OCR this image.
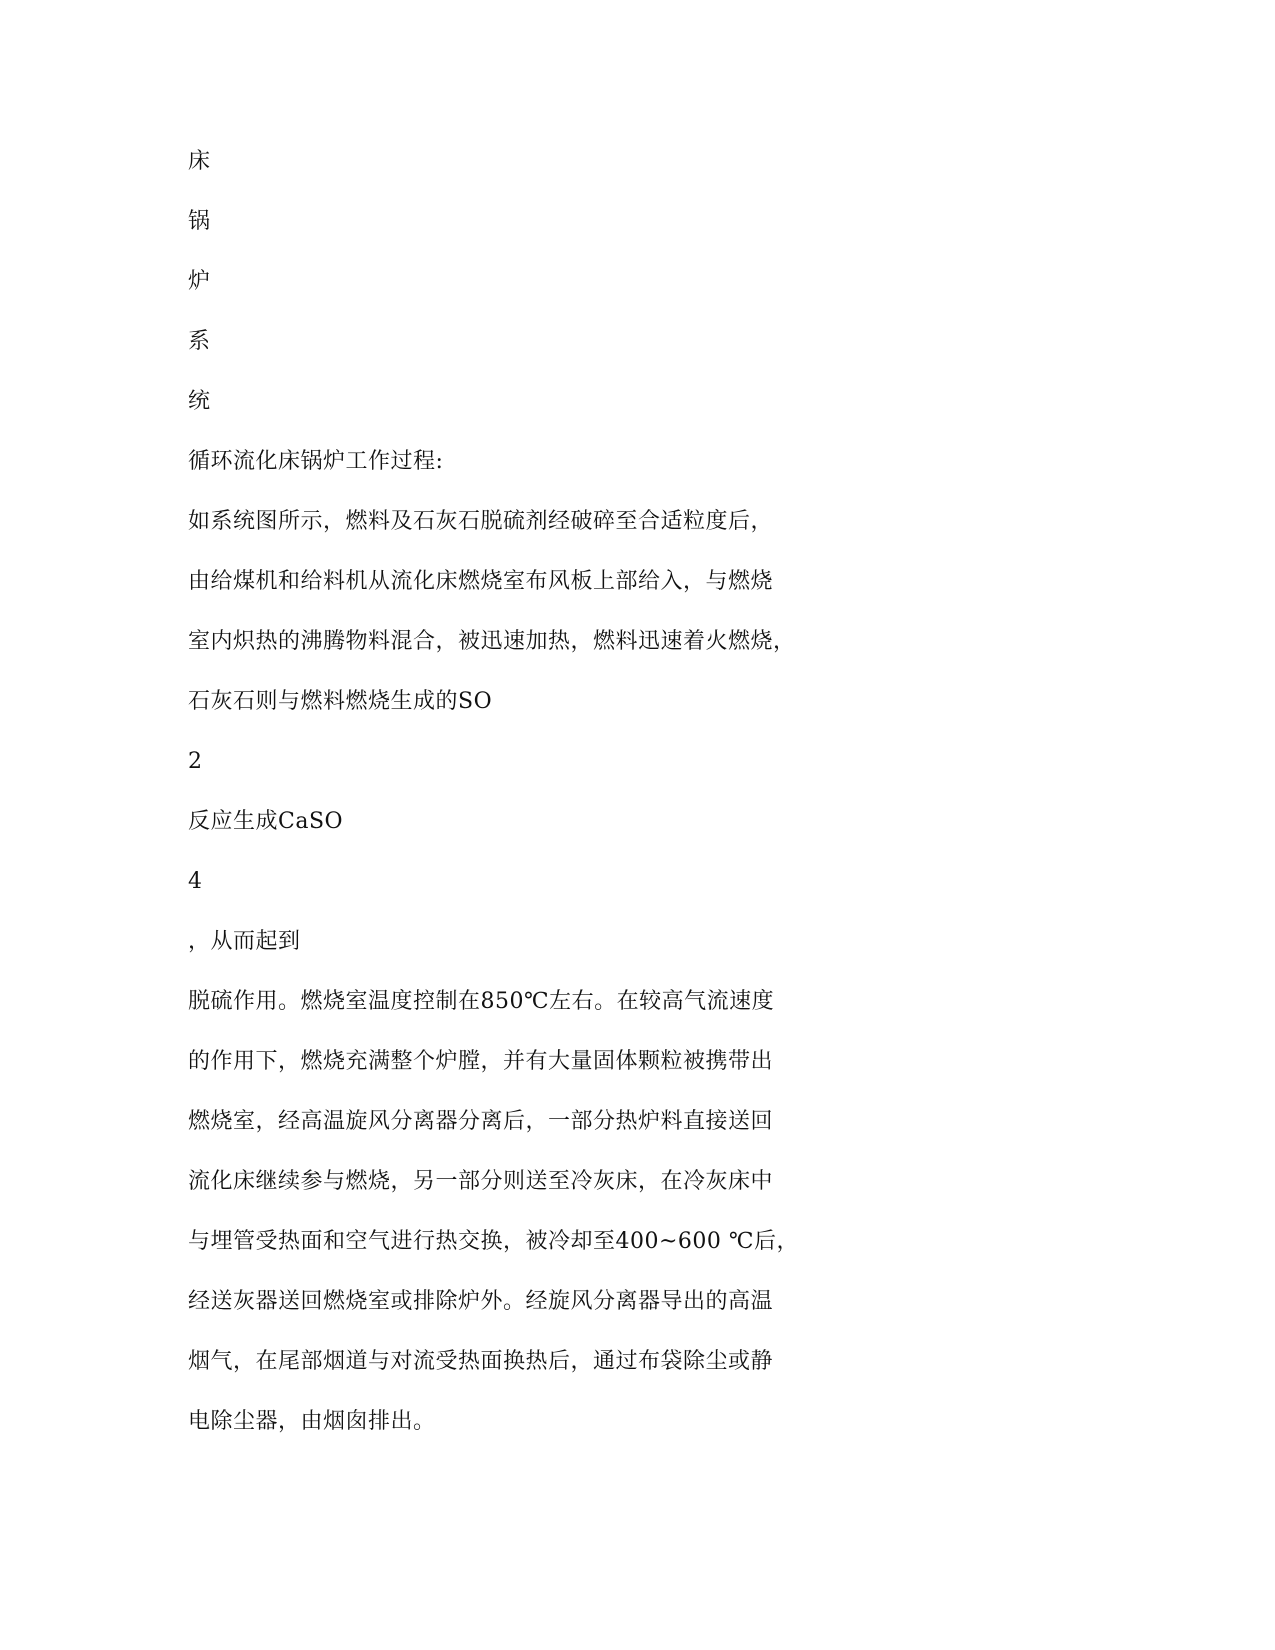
床
锅
炉
系
统
循环流化床锅炉工作过程:
如系统图所示，燃料及石灰石脱硫剂经破碎至合适粒度后，
由给煤机和给料机从流化床燃烧室布风板上部给入，与燃烧
室内炽热的沸腾物料混合，被迅速加热，燃料迅速着火燃烧，
石灰石则与燃料燃烧生成的SO
2
反应生成CaSO
4
，从而起到
脱硫作用。燃烧室温度控制在850℃左右。在较高气流速度
的作用下，燃烧充满整个炉膛，并有大量固体颗粒被携带出
燃烧室，经高温旋风分离器分离后，一部分热炉料直接送回
流化床继续参与燃烧，另一部分则送至冷灰床，在冷灰床中
与埋管受热面和空气进行热交换，被冷却至400~600 ℃后，
经送灰器送回燃烧室或排除炉外。经旋风分离器导出的高温
烟气，在尾部烟道与对流受热面换热后，通过布袋除尘或静
电除尘器，由烟囱排出。
